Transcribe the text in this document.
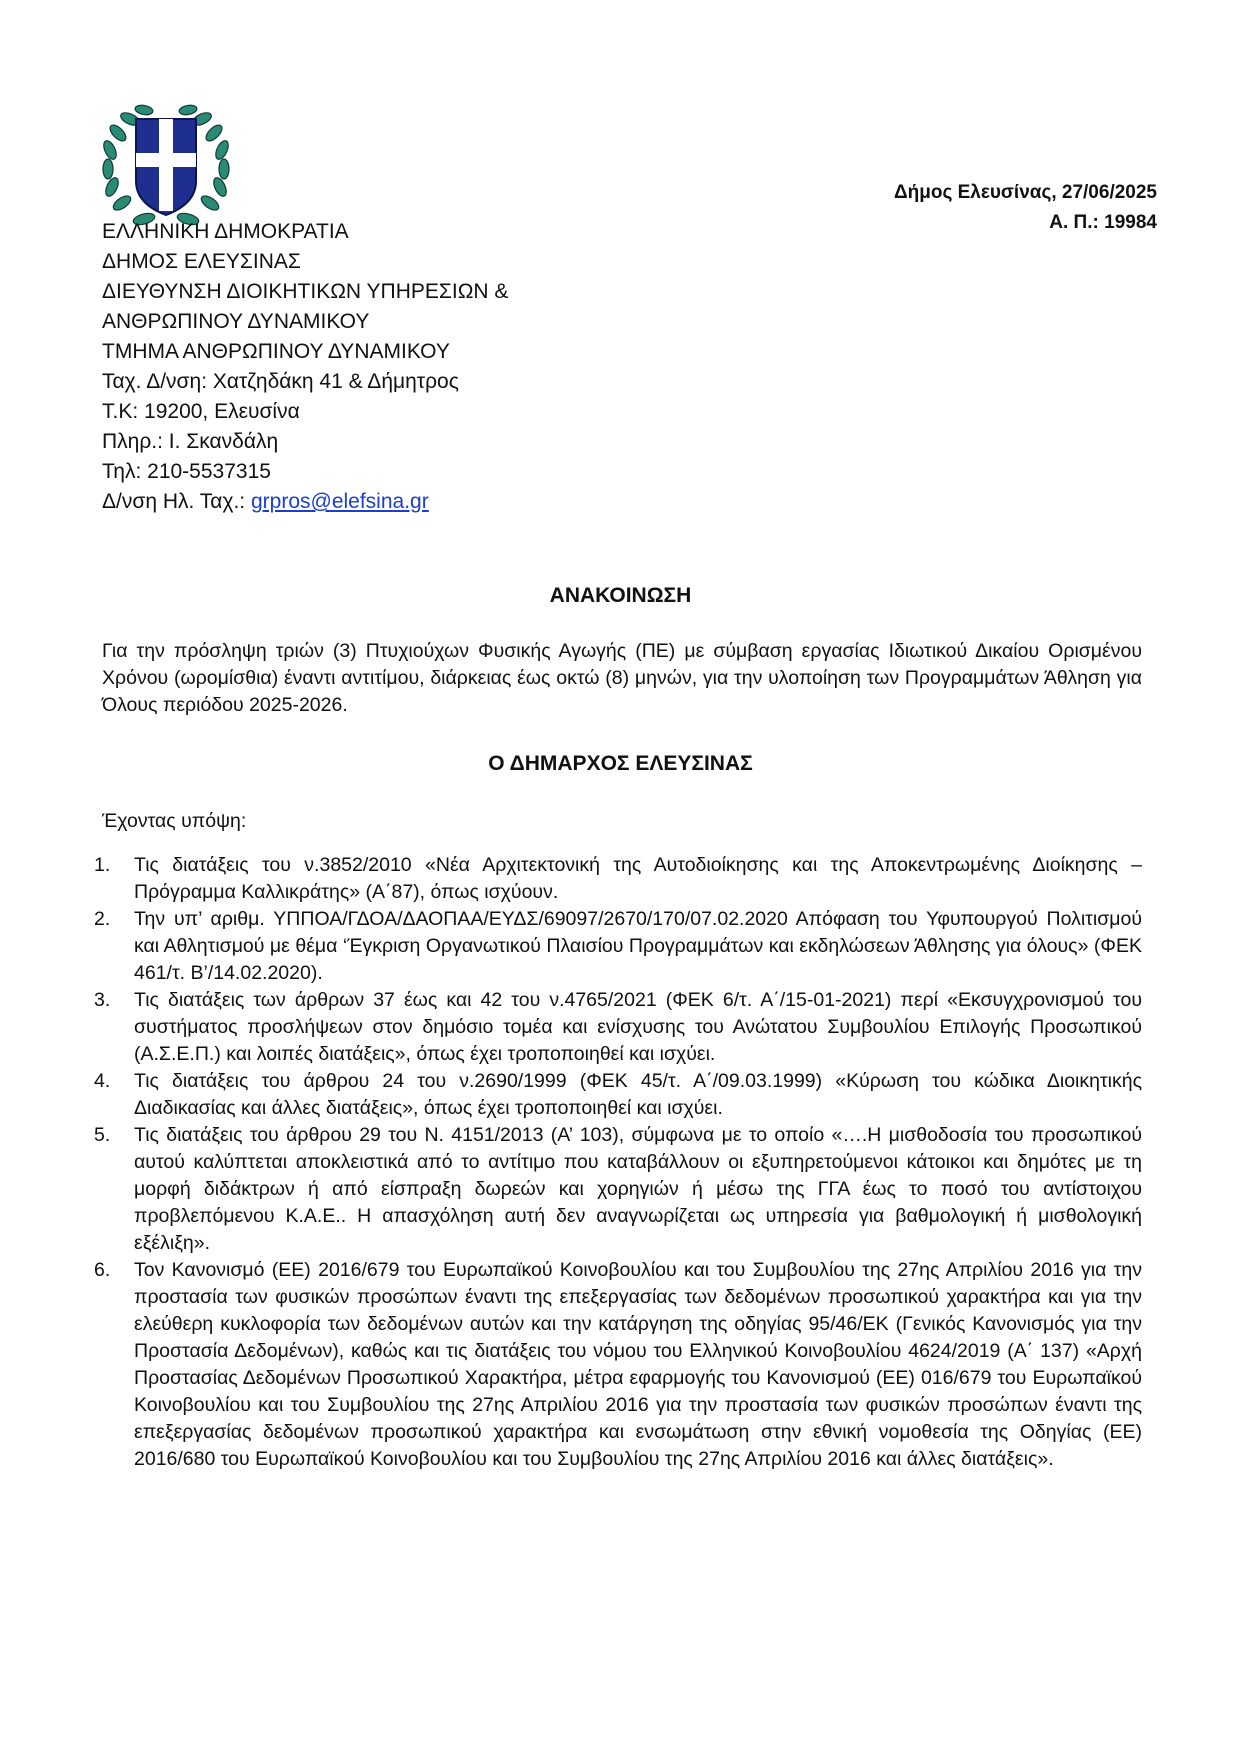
ΕΛΛΗΝΙΚΗ ΔΗΜΟΚΡΑΤΙΑ
ΔΗΜΟΣ ΕΛΕΥΣΙΝΑΣ
ΔΙΕΥΘΥΝΣΗ ΔΙΟΙΚΗΤΙΚΩΝ ΥΠΗΡΕΣΙΩΝ &
ΑΝΘΡΩΠΙΝΟΥ ΔΥΝΑΜΙΚΟΥ
ΤΜΗΜΑ ΑΝΘΡΩΠΙΝΟΥ ΔΥΝΑΜΙΚΟΥ
Ταχ. Δ/νση: Χατζηδάκη 41 & Δήμητρος
Τ.Κ: 19200, Ελευσίνα
Πληρ.: Ι. Σκανδάλη
Τηλ: 210-5537315
Δ/νση Ηλ. Ταχ.: grpros@elefsina.gr
Δήμος Ελευσίνας, 27/06/2025
Α. Π.: 19984
ΑΝΑΚΟΙΝΩΣΗ
Για την πρόσληψη τριών (3) Πτυχιούχων Φυσικής Αγωγής (ΠΕ) με σύμβαση εργασίας Ιδιωτικού Δικαίου Ορισμένου Χρόνου (ωρομίσθια) έναντι αντιτίμου, διάρκειας έως οκτώ (8) μηνών, για την υλοποίηση των Προγραμμάτων Άθληση για Όλους περιόδου 2025-2026.
Ο ΔΗΜΑΡΧΟΣ ΕΛΕΥΣΙΝΑΣ
Έχοντας υπόψη:
1. Τις διατάξεις του ν.3852/2010 «Νέα Αρχιτεκτονική της Αυτοδιοίκησης και της Αποκεντρωμένης Διοίκησης – Πρόγραμμα Καλλικράτης» (Α΄87), όπως ισχύουν.
2. Την υπ’ αριθμ. ΥΠΠΟΑ/ΓΔΟΑ/ΔΑΟΠΑΑ/ΕΥΔΣ/69097/2670/170/07.02.2020 Απόφαση του Υφυπουργού Πολιτισμού και Αθλητισμού με θέμα ‘Έγκριση Οργανωτικού Πλαισίου Προγραμμάτων και εκδηλώσεων Άθλησης για όλους» (ΦΕΚ 461/τ. Β’/14.02.2020).
3. Τις διατάξεις των άρθρων 37 έως και 42 του ν.4765/2021 (ΦΕΚ 6/τ. Α΄/15-01-2021) περί «Εκσυγχρονισμού του συστήματος προσλήψεων στον δημόσιο τομέα και ενίσχυσης του Ανώτατου Συμβουλίου Επιλογής Προσωπικού (Α.Σ.Ε.Π.) και λοιπές διατάξεις», όπως έχει τροποποιηθεί και ισχύει.
4. Τις διατάξεις του άρθρου 24 του ν.2690/1999 (ΦΕΚ 45/τ. Α΄/09.03.1999) «Κύρωση του κώδικα Διοικητικής Διαδικασίας και άλλες διατάξεις», όπως έχει τροποποιηθεί και ισχύει.
5. Τις διατάξεις του άρθρου 29 του Ν. 4151/2013 (Α’ 103), σύμφωνα με το οποίο «….Η μισθοδοσία του προσωπικού αυτού καλύπτεται αποκλειστικά από το αντίτιμο που καταβάλλουν οι εξυπηρετούμενοι κάτοικοι και δημότες με τη μορφή διδάκτρων ή από είσπραξη δωρεών και χορηγιών ή μέσω της ΓΓΑ έως το ποσό του αντίστοιχου προβλεπόμενου Κ.Α.Ε.. Η απασχόληση αυτή δεν αναγνωρίζεται ως υπηρεσία για βαθμολογική ή μισθολογική εξέλιξη».
6. Τον Κανονισμό (ΕΕ) 2016/679 του Ευρωπαϊκού Κοινοβουλίου και του Συμβουλίου της 27ης Απριλίου 2016 για την προστασία των φυσικών προσώπων έναντι της επεξεργασίας των δεδομένων προσωπικού χαρακτήρα και για την ελεύθερη κυκλοφορία των δεδομένων αυτών και την κατάργηση της οδηγίας 95/46/ΕΚ (Γενικός Κανονισμός για την Προστασία Δεδομένων), καθώς και τις διατάξεις του νόμου του Ελληνικού Κοινοβουλίου 4624/2019 (Α΄ 137) «Αρχή Προστασίας Δεδομένων Προσωπικού Χαρακτήρα, μέτρα εφαρμογής του Κανονισμού (ΕΕ) 016/679 του Ευρωπαϊκού Κοινοβουλίου και του Συμβουλίου της 27ης Απριλίου 2016 για την προστασία των φυσικών προσώπων έναντι της επεξεργασίας δεδομένων προσωπικού χαρακτήρα και ενσωμάτωση στην εθνική νομοθεσία της Οδηγίας (ΕΕ) 2016/680 του Ευρωπαϊκού Κοινοβουλίου και του Συμβουλίου της 27ης Απριλίου 2016 και άλλες διατάξεις».
